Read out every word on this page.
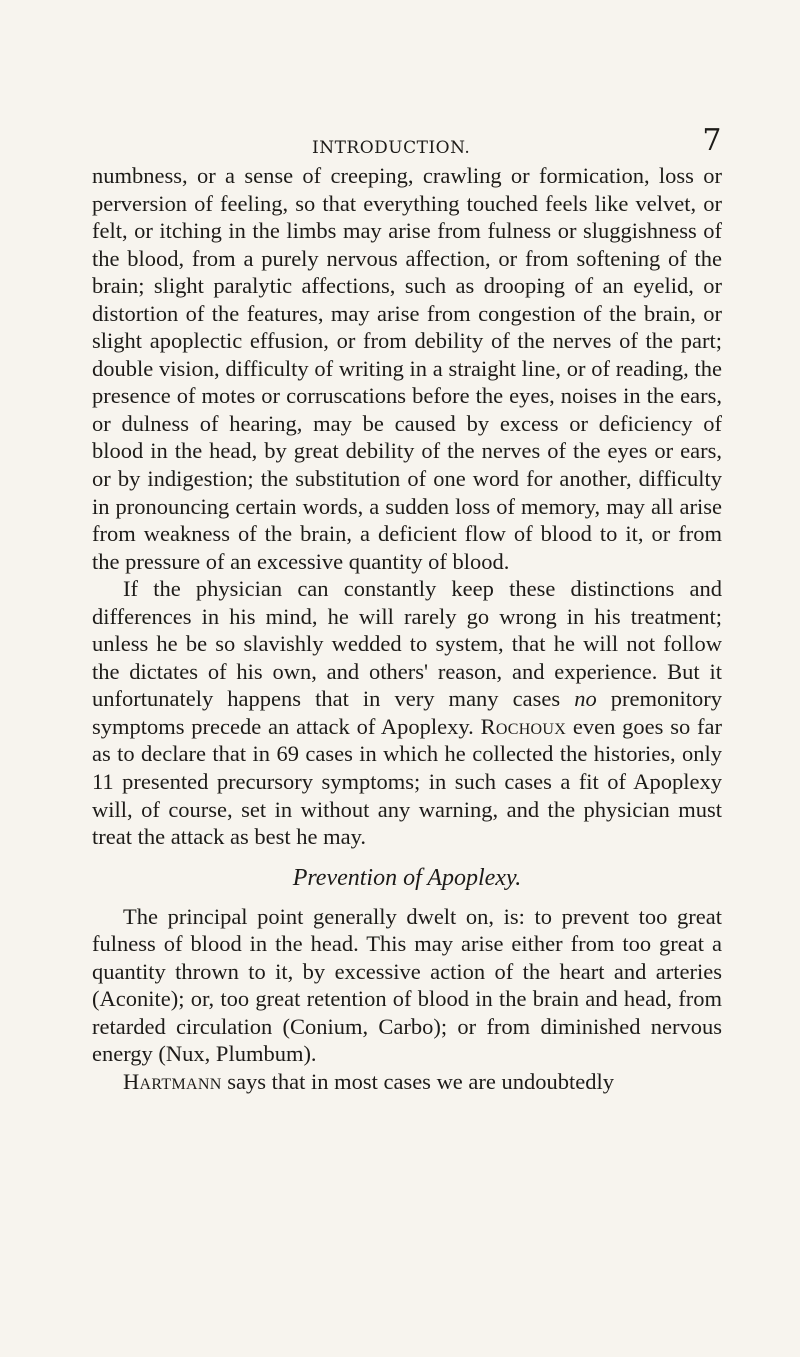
INTRODUCTION.	7

numbness, or a sense of creeping, crawling or formication, loss or perversion of feeling, so that everything touched feels like velvet, or felt, or itching in the limbs may arise from fulness or sluggishness of the blood, from a purely nervous affection, or from softening of the brain; slight paralytic affections, such as drooping of an eyelid, or distortion of the features, may arise from congestion of the brain, or slight apoplectic effusion, or from debility of the nerves of the part; double vision, difficulty of writing in a straight line, or of reading, the presence of motes or corruscations before the eyes, noises in the ears, or dulness of hearing, may be caused by excess or deficiency of blood in the head, by great debility of the nerves of the eyes or ears, or by indigestion; the substitution of one word for another, difficulty in pronouncing certain words, a sudden loss of memory, may all arise from weakness of the brain, a deficient flow of blood to it, or from the pressure of an excessive quantity of blood.

If the physician can constantly keep these distinctions and differences in his mind, he will rarely go wrong in his treatment; unless he be so slavishly wedded to system, that he will not follow the dictates of his own, and others' reason, and experience. But it unfortunately happens that in very many cases no premonitory symptoms precede an attack of Apoplexy. Rochoux even goes so far as to declare that in 69 cases in which he collected the histories, only 11 presented precursory symptoms; in such cases a fit of Apoplexy will, of course, set in without any warning, and the physician must treat the attack as best he may.

Prevention of Apoplexy.

The principal point generally dwelt on, is: to prevent too great fulness of blood in the head. This may arise either from too great a quantity thrown to it, by excessive action of the heart and arteries (Aconite); or, too great retention of blood in the brain and head, from retarded circulation (Conium, Carbo); or from diminished nervous energy (Nux, Plumbum).

Hartmann says that in most cases we are undoubtedly
